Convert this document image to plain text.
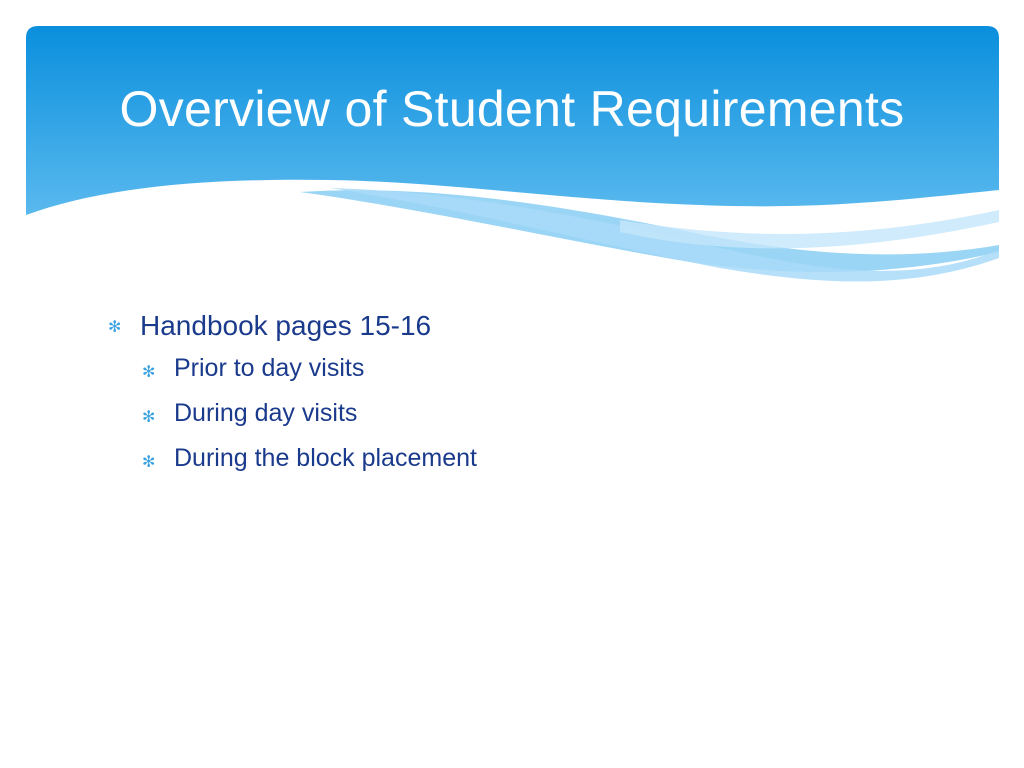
Overview of Student Requirements
✻ Handbook pages 15-16
✻ Prior to day visits
✻ During day visits
✻ During the block placement
